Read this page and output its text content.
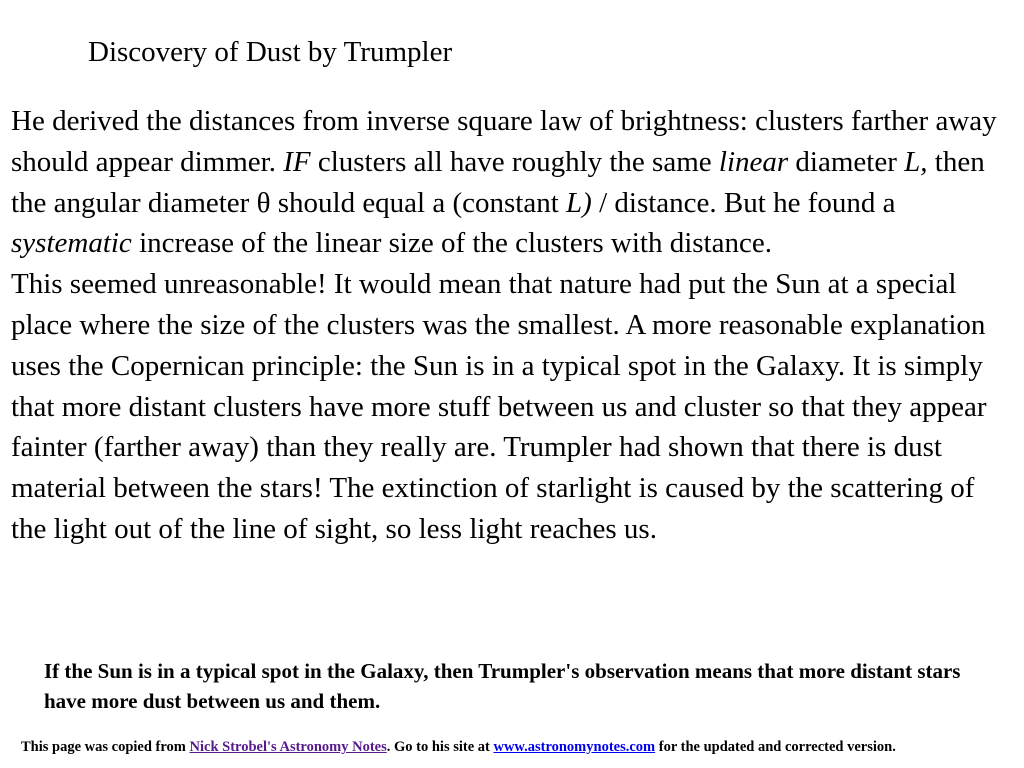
Discovery of Dust by Trumpler

He derived the distances from inverse square law of brightness: clusters farther away should appear dimmer. IF clusters all have roughly the same linear diameter L, then the angular diameter θ should equal a (constant L) / distance. But he found a systematic increase of the linear size of the clusters with distance.

This seemed unreasonable! It would mean that nature had put the Sun at a special place where the size of the clusters was the smallest. A more reasonable explanation uses the Copernican principle: the Sun is in a typical spot in the Galaxy. It is simply that more distant clusters have more stuff between us and cluster so that they appear fainter (farther away) than they really are. Trumpler had shown that there is dust material between the stars! The extinction of starlight is caused by the scattering of the light out of the line of sight, so less light reaches us.

If the Sun is in a typical spot in the Galaxy, then Trumpler's observation means that more distant stars have more dust between us and them.
This page was copied from Nick Strobel's Astronomy Notes. Go to his site at www.astronomynotes.com for the updated and corrected version.
